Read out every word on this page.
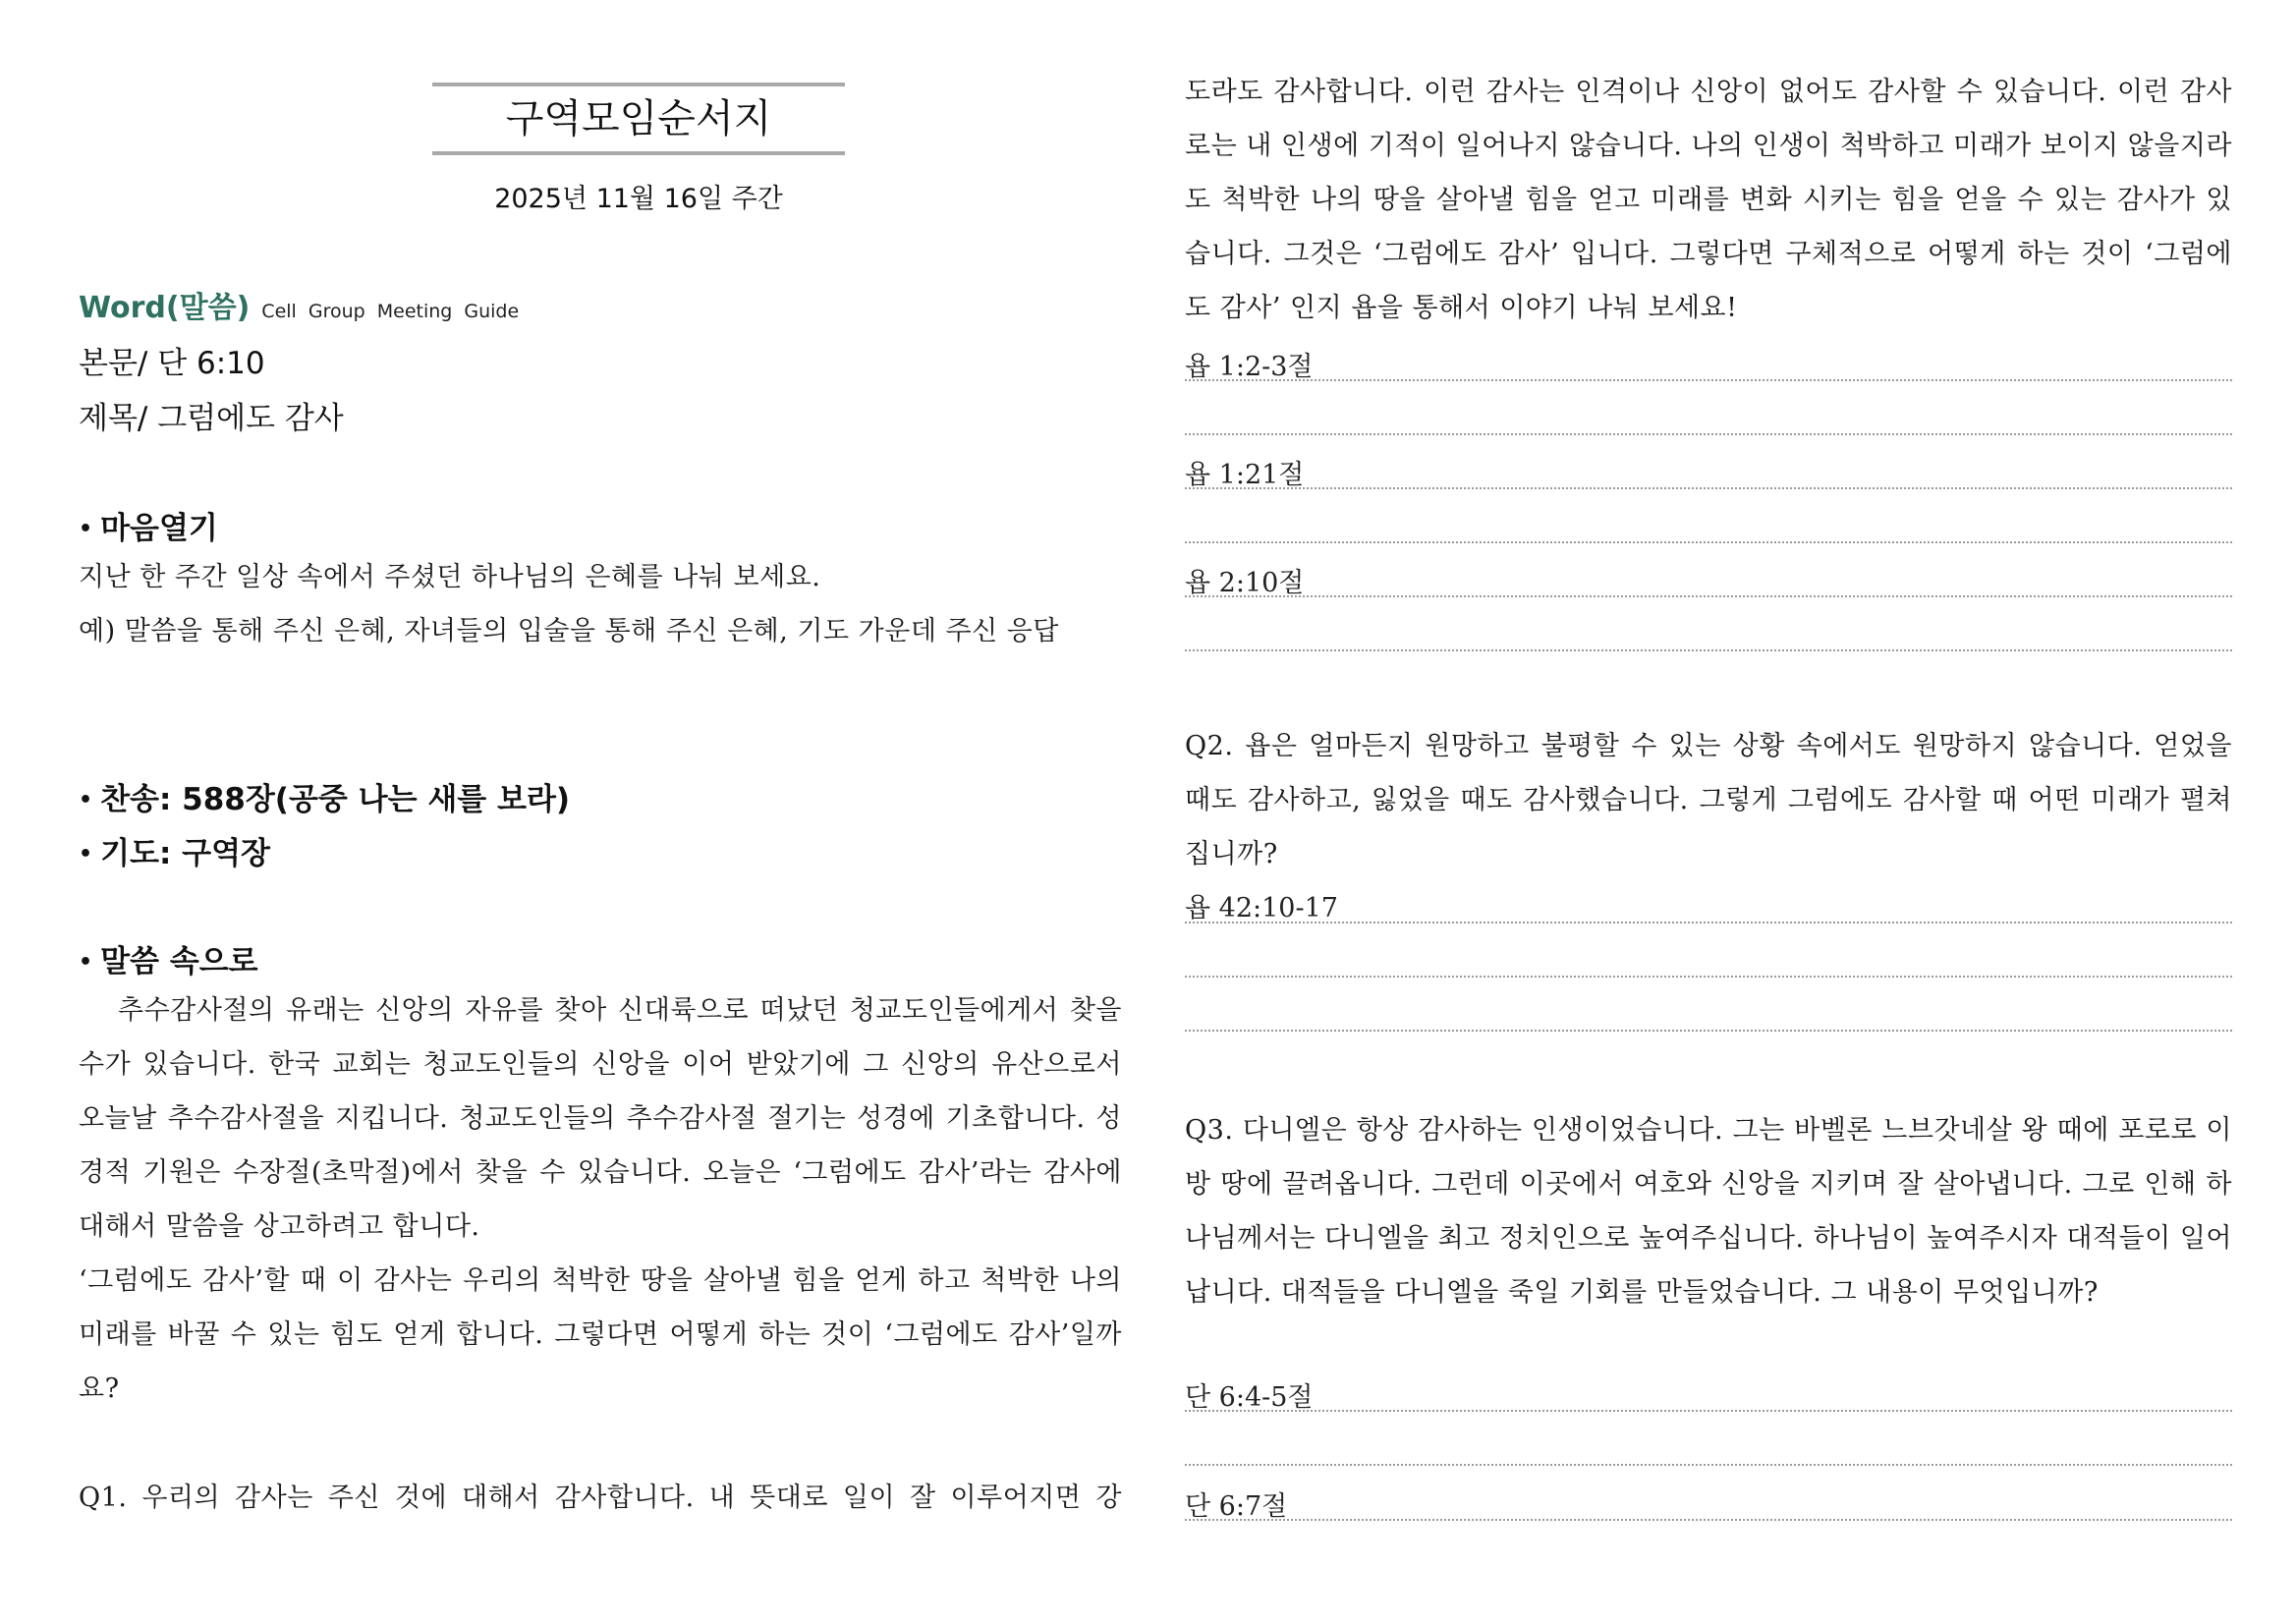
구역모임순서지
2025년 11월 16일 주간
Word(말씀) Cell Group Meeting Guide
본문/ 단 6:10
제목/ 그럼에도 감사
• 마음열기
지난 한 주간 일상 속에서 주셨던 하나님의 은혜를 나눠 보세요.
예) 말씀을 통해 주신 은혜, 자녀들의 입술을 통해 주신 은혜, 기도 가운데 주신 응답
• 찬송: 588장(공중 나는 새를 보라)
• 기도: 구역장
• 말씀 속으로
추수감사절의 유래는 신앙의 자유를 찾아 신대륙으로 떠났던 청교도인들에게서 찾을 수가 있습니다. 한국 교회는 청교도인들의 신앙을 이어 받았기에 그 신앙의 유산으로서 오늘날 추수감사절을 지킵니다. 청교도인들의 추수감사절 절기는 성경에 기초합니다. 성경적 기원은 수장절(초막절)에서 찾을 수 있습니다. 오늘은 ‘그럼에도 감사’라는 감사에 대해서 말씀을 상고하려고 합니다.
‘그럼에도 감사’할 때 이 감사는 우리의 척박한 땅을 살아낼 힘을 얻게 하고 척박한 나의 미래를 바꿀 수 있는 힘도 얻게 합니다. 그렇다면 어떻게 하는 것이 ‘그럼에도 감사’일까요?
Q1. 우리의 감사는 주신 것에 대해서 감사합니다. 내 뜻대로 일이 잘 이루어지면 강
도라도 감사합니다. 이런 감사는 인격이나 신앙이 없어도 감사할 수 있습니다. 이런 감사로는 내 인생에 기적이 일어나지 않습니다. 나의 인생이 척박하고 미래가 보이지 않을지라도 척박한 나의 땅을 살아낼 힘을 얻고 미래를 변화 시키는 힘을 얻을 수 있는 감사가 있습니다. 그것은 ‘그럼에도 감사’ 입니다. 그렇다면 구체적으로 어떻게 하는 것이 ‘그럼에도 감사’ 인지 욥을 통해서 이야기 나눠 보세요!
욥 1:2-3절
욥 1:21절
욥 2:10절
Q2. 욥은 얼마든지 원망하고 불평할 수 있는 상황 속에서도 원망하지 않습니다. 얻었을 때도 감사하고, 잃었을 때도 감사했습니다. 그렇게 그럼에도 감사할 때 어떤 미래가 펼쳐집니까?
욥 42:10-17
Q3. 다니엘은 항상 감사하는 인생이었습니다. 그는 바벨론 느브갓네살 왕 때에 포로로 이방 땅에 끌려옵니다. 그런데 이곳에서 여호와 신앙을 지키며 잘 살아냅니다. 그로 인해 하나님께서는 다니엘을 최고 정치인으로 높여주십니다. 하나님이 높여주시자 대적들이 일어납니다. 대적들을 다니엘을 죽일 기회를 만들었습니다. 그 내용이 무엇입니까?
단 6:4-5절
단 6:7절
